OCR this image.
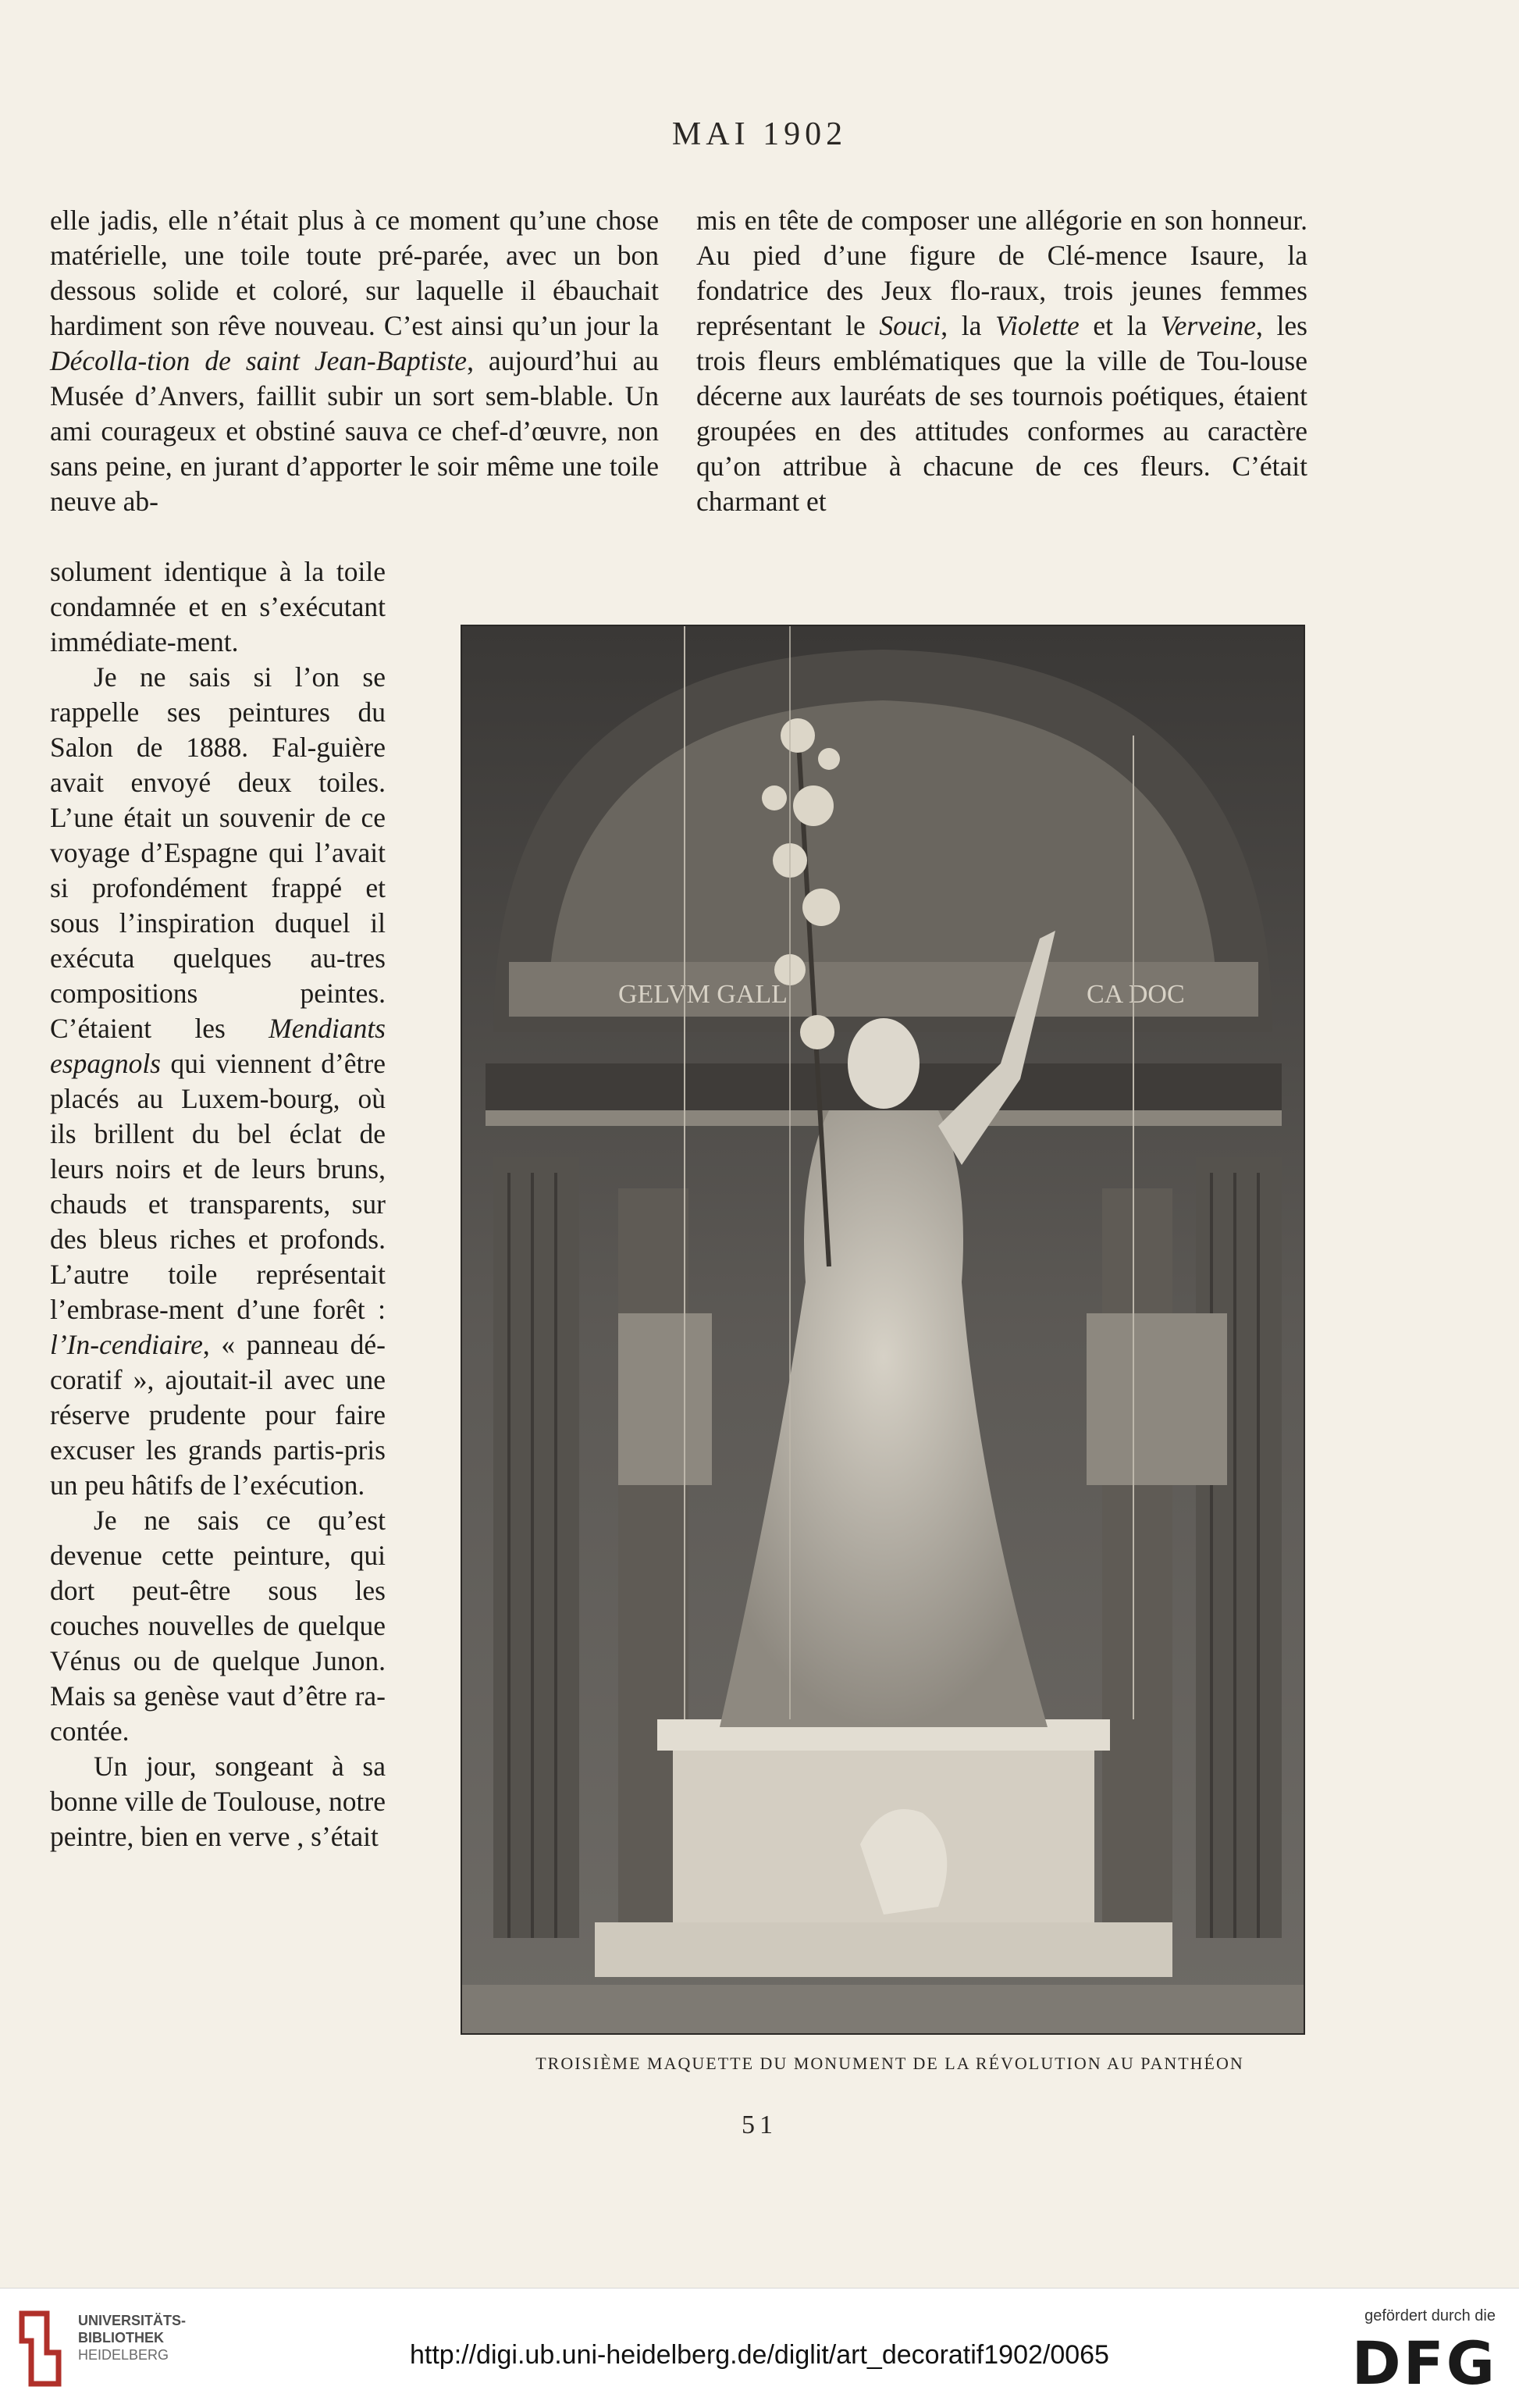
MAI 1902

elle jadis, elle n’était plus à ce moment qu’une chose matérielle, une toile toute pré-parée, avec un bon dessous solide et coloré, sur laquelle il ébauchait hardiment son rêve nouveau. C’est ainsi qu’un jour la Décolla-tion de saint Jean-Baptiste, aujourd’hui au Musée d’Anvers, faillit subir un sort sem-blable. Un ami courageux et obstiné sauva ce chef-d’œuvre, non sans peine, en jurant d’apporter le soir même une toile neuve ab-

mis en tête de composer une allégorie en son honneur. Au pied d’une figure de Clé-mence Isaure, la fondatrice des Jeux flo-raux, trois jeunes femmes représentant le Souci, la Violette et la Verveine, les trois fleurs emblématiques que la ville de Tou-louse décerne aux lauréats de ses tournois poétiques, étaient groupées en des attitudes conformes au caractère qu’on attribue à chacune de ces fleurs. C’était charmant et

solument identique à la toile condamnée et en s’exécutant immédiate-ment.

Je ne sais si l’on se rappelle ses peintures du Salon de 1888. Fal-guière avait envoyé deux toiles. L’une était un souvenir de ce voyage d’Espagne qui l’avait si profondément frappé et sous l’inspiration duquel il exécuta quelques au-tres compositions peintes. C’étaient les Mendiants espagnols qui viennent d’être placés au Luxem-bourg, où ils brillent du bel éclat de leurs noirs et de leurs bruns, chauds et transparents, sur des bleus riches et profonds. L’autre toile représentait l’embrase-ment d’une forêt : l’In-cendiaire, « panneau dé-coratif », ajoutait-il avec une réserve prudente pour faire excuser les grands partis-pris un peu hâtifs de l’exécution.

Je ne sais ce qu’est devenue cette peinture, qui dort peut-être sous les couches nouvelles de quelque Vénus ou de quelque Junon. Mais sa genèse vaut d’être ra-contée.

Un jour, songeant à sa bonne ville de Toulouse, notre peintre, bien en verve , s’était

GELVM GALL	CA DOC
TROISIÈME MAQUETTE DU MONUMENT DE LA RÉVOLUTION AU PANTHÉON
51
UNIVERSITÄTS-
BIBLIOTHEK
HEIDELBERG	http://digi.ub.uni-heidelberg.de/diglit/art_decoratif1902/0065
gefördert durch die
DFG
